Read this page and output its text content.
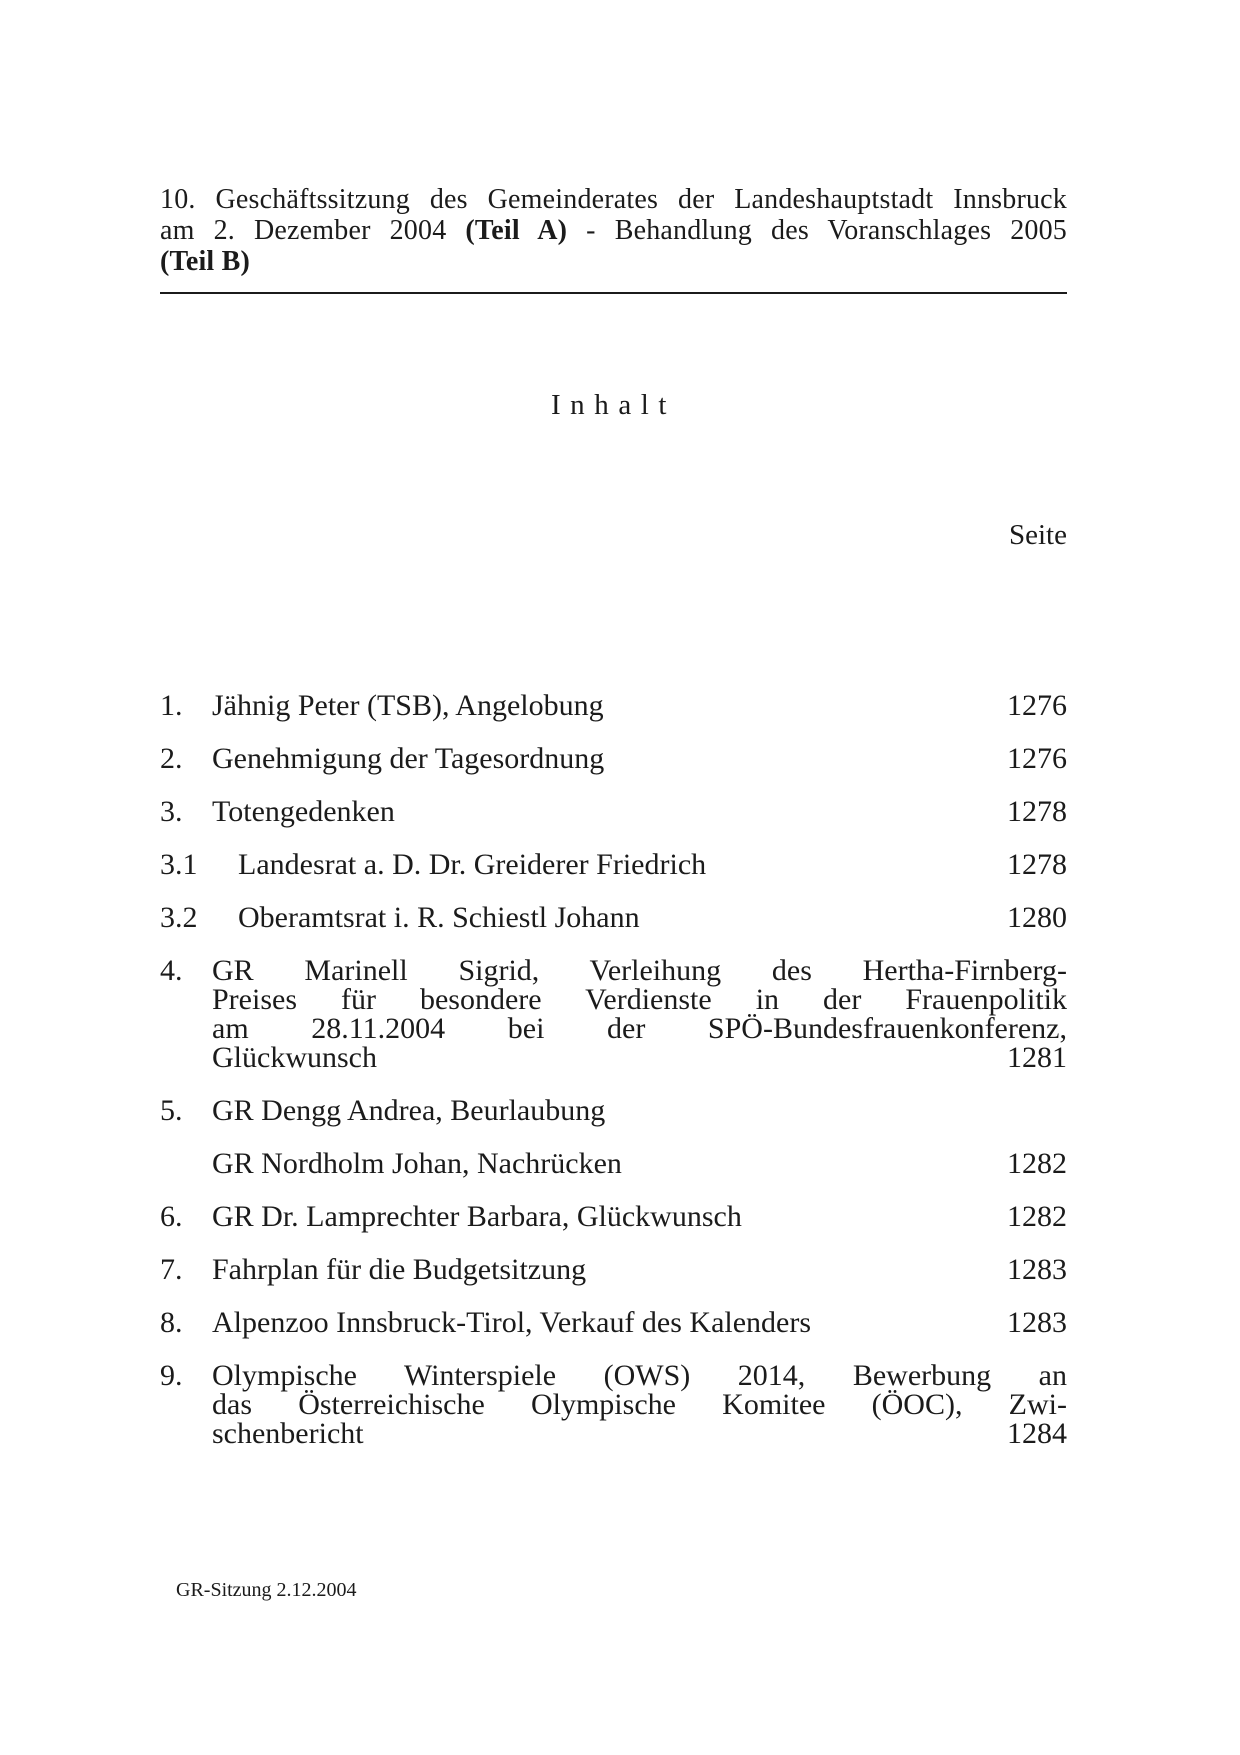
10. Geschäftssitzung des Gemeinderates der Landeshauptstadt Innsbruck
am 2. Dezember 2004 (Teil A) - Behandlung des Voranschlages 2005
(Teil B)
Inhalt
Seite
1. Jähnig Peter (TSB), Angelobung	1276
2. Genehmigung der Tagesordnung	1276
3. Totengedenken	1278
3.1	Landesrat a. D. Dr. Greiderer Friedrich	1278
3.2	Oberamtsrat i. R. Schiestl Johann	1280
4. GR Marinell Sigrid, Verleihung des Hertha-Firnberg-
Preises für besondere Verdienste in der Frauenpolitik
am 28.11.2004 bei der SPÖ-Bundesfrauenkonferenz,
Glückwunsch	1281
5. GR Dengg Andrea, Beurlaubung
GR Nordholm Johan, Nachrücken	1282
6. GR Dr. Lamprechter Barbara, Glückwunsch	1282
7. Fahrplan für die Budgetsitzung	1283
8. Alpenzoo Innsbruck-Tirol, Verkauf des Kalenders	1283
9. Olympische Winterspiele (OWS) 2014, Bewerbung an
das Österreichische Olympische Komitee (ÖOC), Zwi-
schenbericht	1284
GR-Sitzung 2.12.2004
